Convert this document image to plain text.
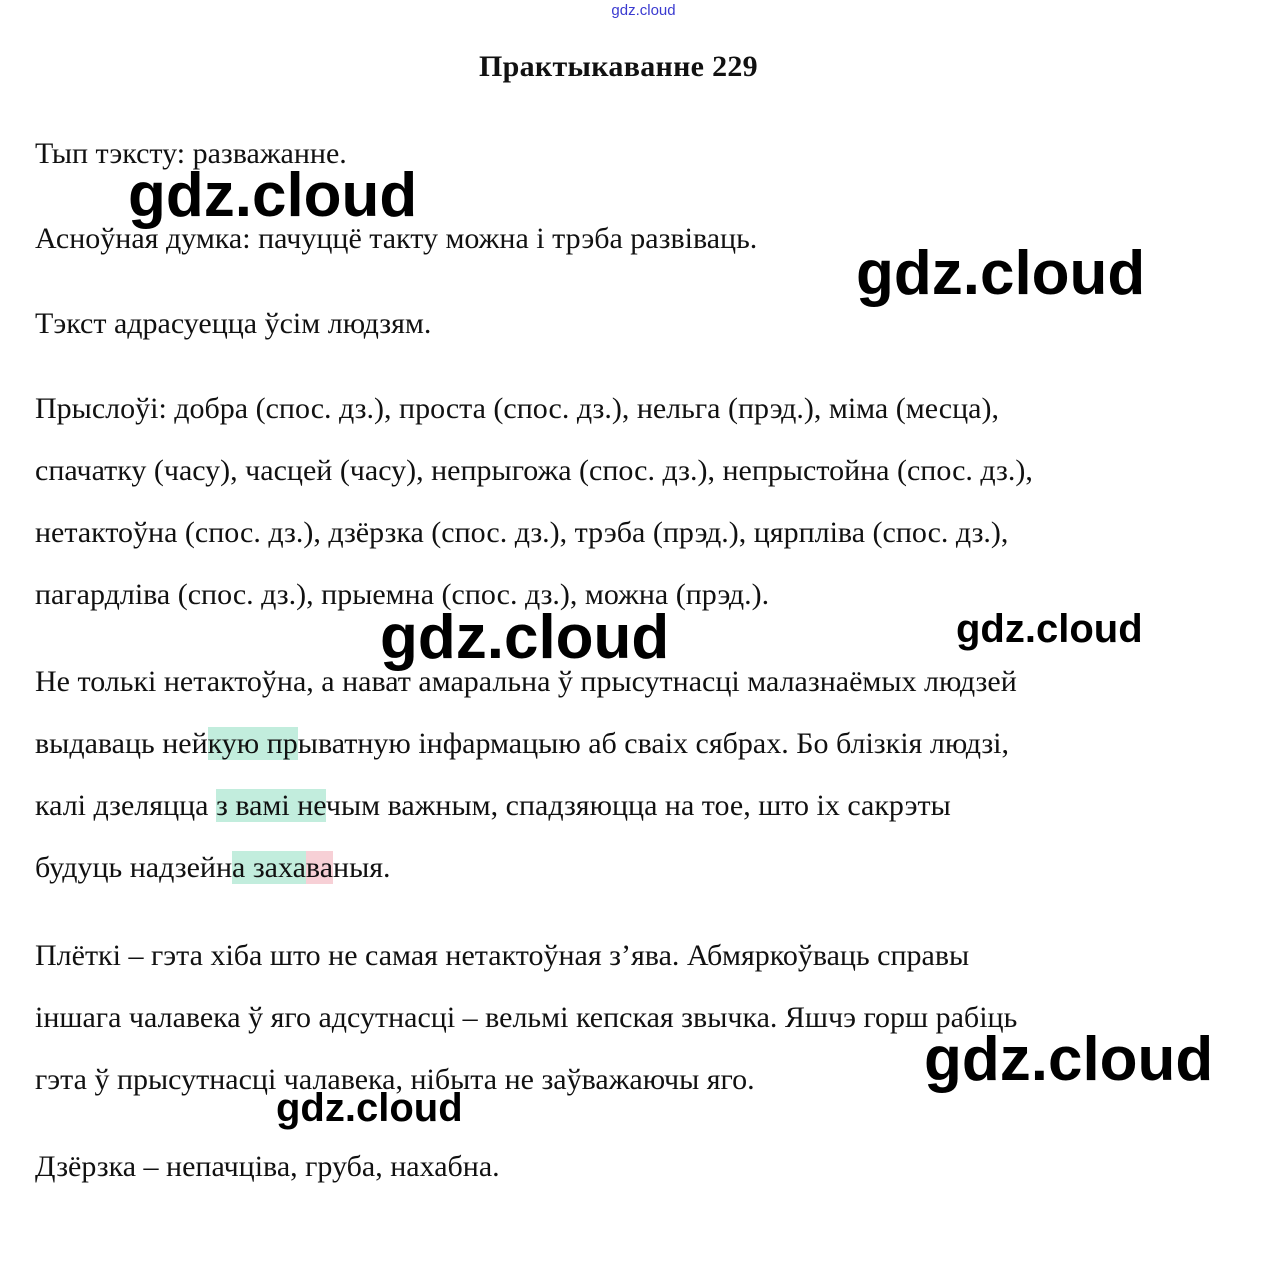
gdz.cloud
Практыкаванне 229

Тып тэксту: разважанне.

Асноўная думка: пачуццё такту можна і трэба развіваць.

Тэкст адрасуецца ўсім людзям.

Прыслоўі: добра (спос. дз.), проста (спос. дз.), нельга (прэд.), міма (месца),
спачатку (часу), часцей (часу), непрыгожа (спос. дз.), непрыстойна (спос. дз.),
нетактоўна (спос. дз.), дзёрзка (спос. дз.), трэба (прэд.), цярпліва (спос. дз.),
пагардліва (спос. дз.), прыемна (спос. дз.), можна (прэд.).

Не толькі нетактоўна, а нават амаральна ў прысутнасці малазнаёмых людзей
выдаваць нейкую прыватную інфармацыю аб сваіх сябрах. Бо блізкія людзі,
калі дзеляцца з вамі нечым важным, спадзяюцца на тое, што іх сакрэты
будуць надзейна захаваныя.

Плёткі – гэта хіба што не самая нетактоўная з’ява. Абмяркоўваць справы
іншага чалавека ў яго адсутнасці – вельмі кепская звычка. Яшчэ горш рабіць
гэта ў прысутнасці чалавека, нібыта не заўважаючы яго.

Дзёрзка – непачціва, груба, нахабна.

gdz.cloud
gdz.cloud
gdz.cloud	gdz.cloud
gdz.cloud
gdz.cloud
